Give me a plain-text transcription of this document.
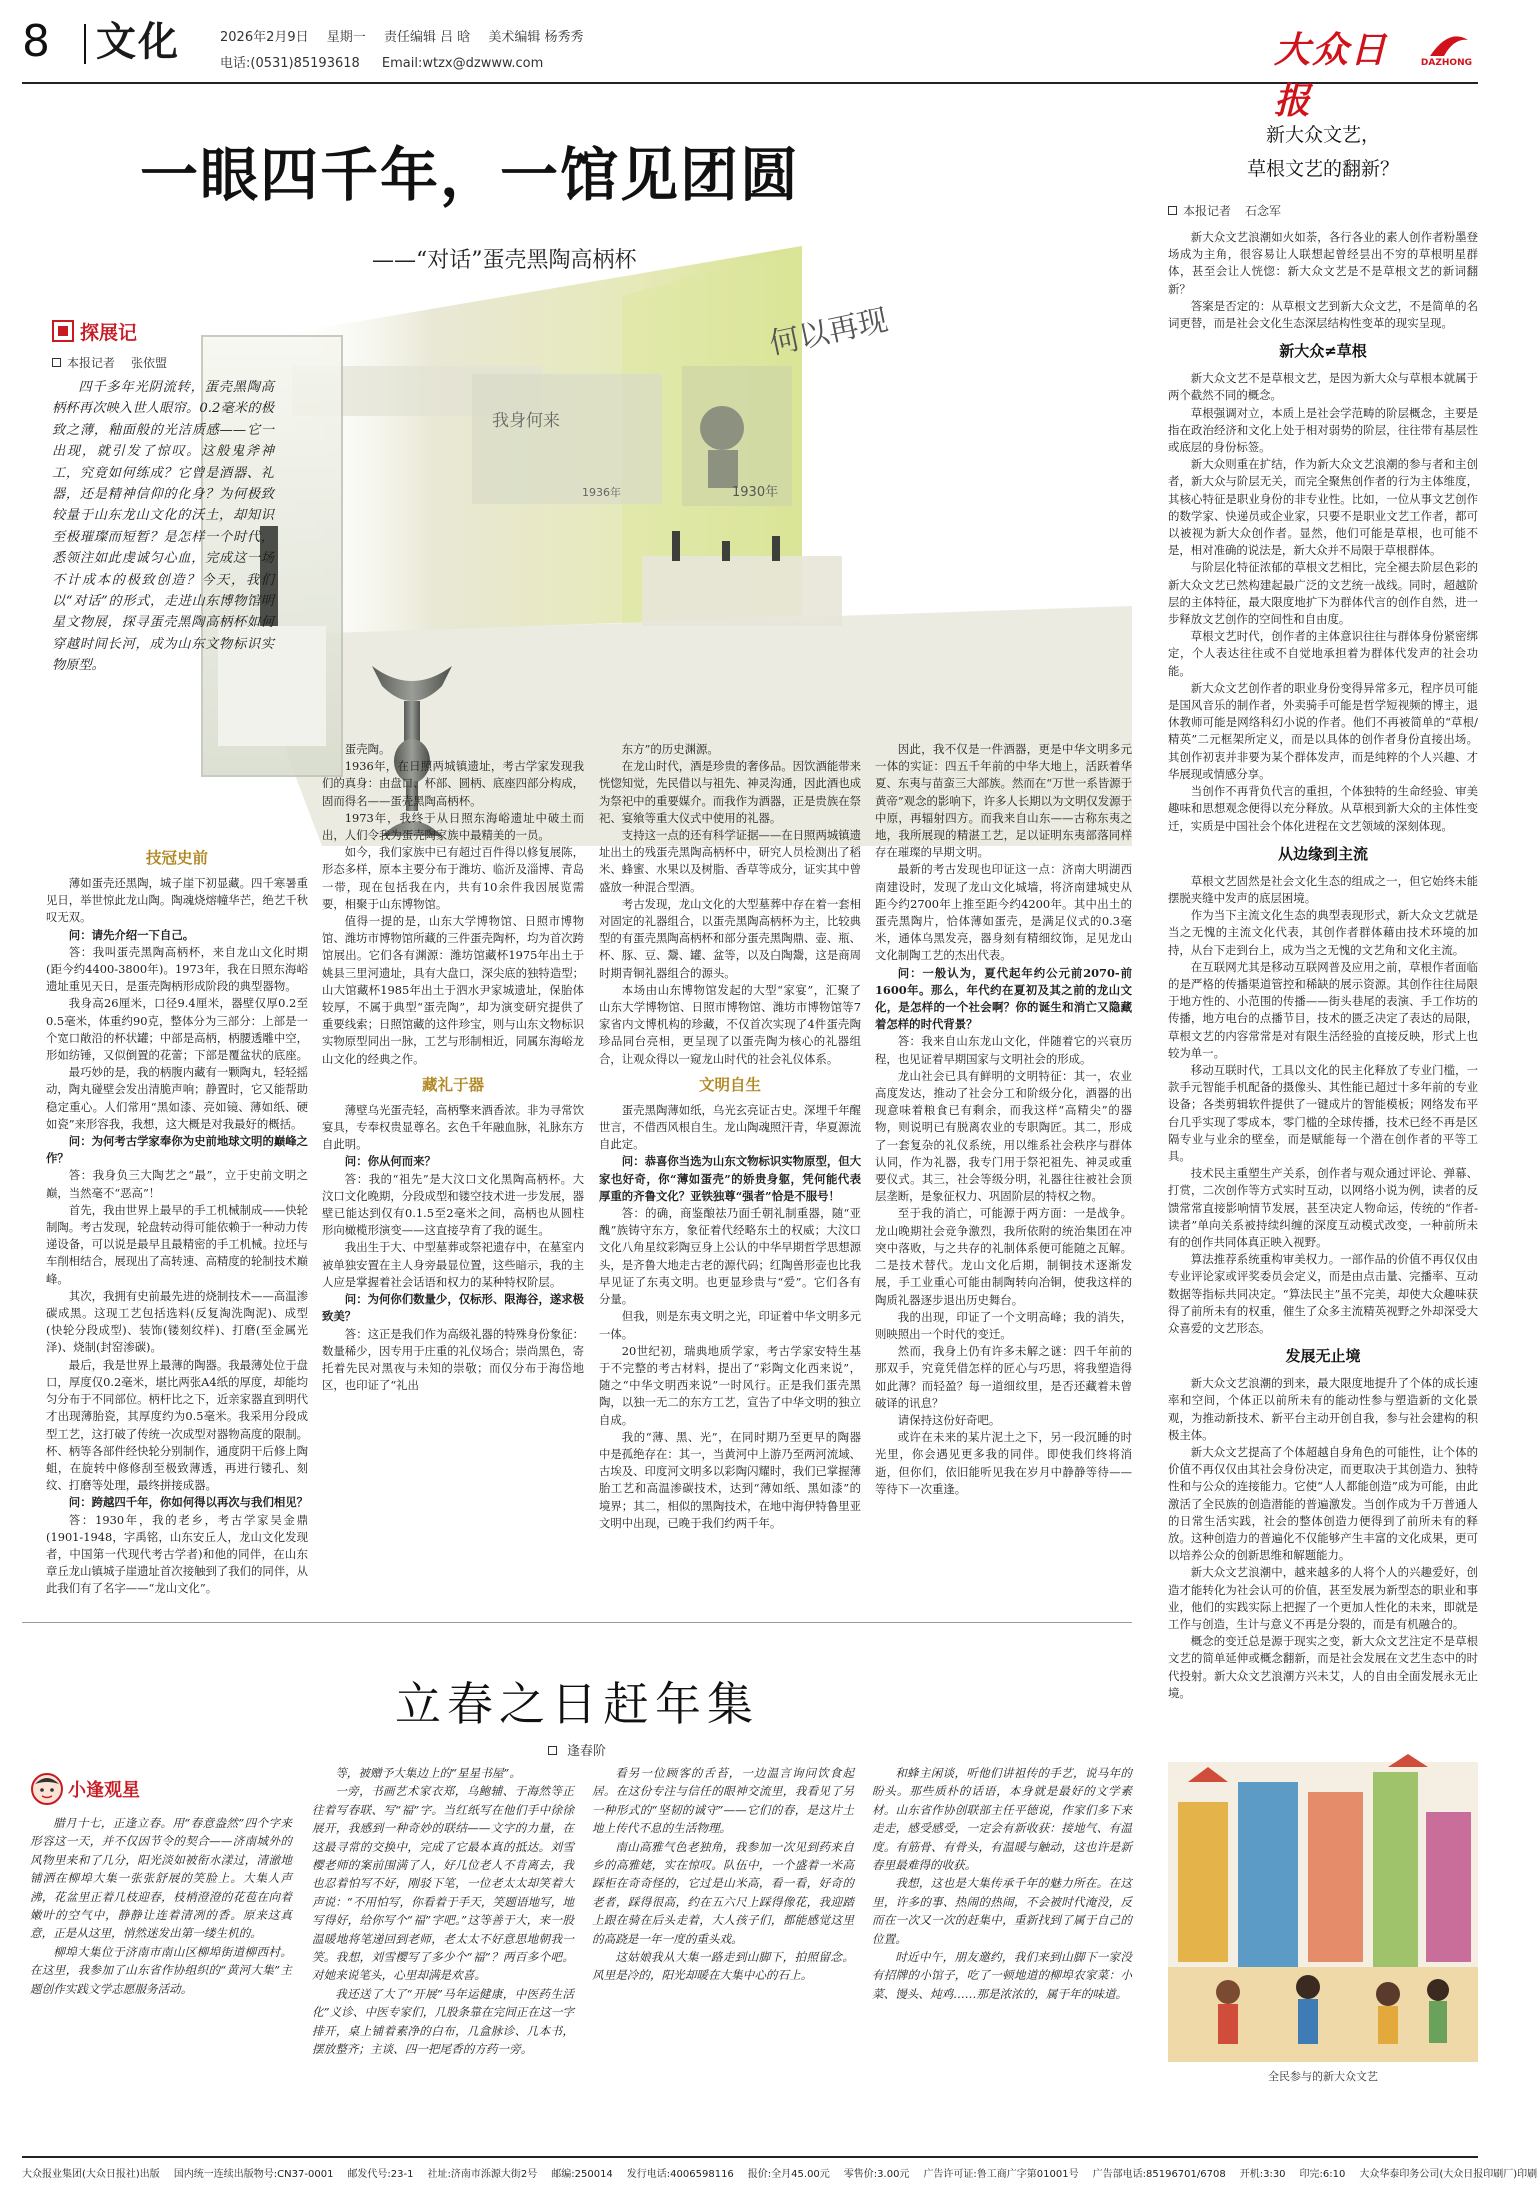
8 文化	2026年2月9日 星期一 责任编辑 吕 晗 美术编辑 杨秀秀
电话:(0531)85193618 Email:wtzx@dzwww.com	大众日报
DAZHONG
一眼四千年，一馆见团圆
——“对话”蛋壳黑陶高柄杯
1930年
1936年
何以再现
我身何来
探展记
本报记者 张依盟

四千多年光阴流转，蛋壳黑陶高柄杯再次映入世人眼帘。0.2毫米的极致之薄，釉面般的光洁质感——它一出现，就引发了惊叹。这般鬼斧神工，究竟如何练成？它曾是酒器、礼器，还是精神信仰的化身？为何极致较量于山东龙山文化的沃土，却知识至极璀璨而短暂？是怎样一个时代，悉领注如此虔诚匀心血，完成这一场不计成本的极致创造？今天，我们以“对话”的形式，走进山东博物馆明星文物展，探寻蛋壳黑陶高柄杯如何穿越时间长河，成为山东文物标识实物原型。

技冠史前

薄如蛋壳还黑陶，城子崖下初显藏。四千寒暑重见日，举世惊此龙山陶。陶魂烧熔幢华芒，绝艺千秋叹无双。

问：请先介绍一下自己。

答：我叫蛋壳黑陶高柄杯，来自龙山文化时期(距今约4400-3800年)。1973年，我在日照东海峪遗址重见天日，是蛋壳陶柄形成阶段的典型器物。

我身高26厘米，口径9.4厘米，器壁仅厚0.2至0.5毫米，体重约90克，整体分为三部分：上部是一个宽口敞沿的杯状罐；中部是高柄，柄腰透雕中空，形如纺锤，又似倒置的花蕾；下部是覆盆状的底座。

最巧妙的是，我的柄腹内藏有一颗陶丸，轻轻摇动，陶丸碰壁会发出清脆声响；静置时，它又能帮助稳定重心。人们常用“黑如漆、亮如镜、薄如纸、硬如瓷”来形容我，我想，这大概是对我最好的概括。

问：为何考古学家奉你为史前地球文明的巅峰之作？

答：我身负三大陶艺之“最”，立于史前文明之巅，当然毫不“恶高”！

首先，我由世界上最早的手工机械制成——快轮制陶。考古发现，轮盘转动得可能依赖于一种动力传递设备，可以说是最早且最精密的手工机械。拉坯与车削相结合，展现出了高转速、高精度的轮制技术巅峰。

其次，我拥有史前最先进的烧制技术——高温渗碳成黑。这现工艺包括选料(反复淘洗陶泥)、成型(快轮分段成型)、装饰(镂刻纹样)、打磨(至金属光泽)、烧制(封窑渗碳)。

最后，我是世界上最薄的陶器。我最薄处位于盘口，厚度仅0.2毫米，堪比两张A4纸的厚度，却能均匀分布于不同部位。柄杆比之下，近亲家器直到明代才出现薄胎瓷，其厚度约为0.5毫米。我采用分段成型工艺，这打破了传统一次成型对器物高度的限制。杯、柄等各部件经快轮分别制作，通度阴干后修上陶蛆，在旋转中修修刮至极致薄透，再进行镂孔、刻纹、打磨等处理，最终拼接成器。

问：跨越四千年，你如何得以再次与我们相见？

答：1930年，我的老乡，考古学家吴金鼎(1901-1948，字禹铭，山东安丘人，龙山文化发现者，中国第一代现代考古学者)和他的同伴，在山东章丘龙山镇城子崖遗址首次接触到了我们的同伴，从此我们有了名字——“龙山文化”。

蛋壳陶。

1936年，在日照两城镇遗址，考古学家发现我们的真身：由盘口、杯部、圆柄、底座四部分构成，固而得名——蛋壳黑陶高柄杯。

1973年，我终于从日照东海峪遗址中破土而出，人们令我为蛋壳陶家族中最精美的一员。

如今，我们家族中已有超过百件得以修复展陈，形态多样，原本主要分布于潍坊、临沂及淄博、青岛一带，现在包括我在内，共有10余件我因展览需要，相聚于山东博物馆。

值得一提的是，山东大学博物馆、日照市博物馆、潍坊市博物馆所藏的三件蛋壳陶杯，均为首次跨馆展出。它们各有渊源：潍坊馆藏杯1975年出土于姚县三里河遗址，具有大盘口，深尖底的独特造型；山大馆藏杯1985年出土于泗水尹家城遗址，保胎体较厚，不属于典型“蛋壳陶”，却为演变研究提供了重要线索；日照馆藏的这件珍宝，则与山东文物标识实物原型同出一脉，工艺与形制相近，同属东海峪龙山文化的经典之作。

藏礼于器

薄壁乌光蛋壳轻，高柄擎来酒香浓。非为寻常饮宴具，专奉权贵显尊名。玄色千年融血脉，礼脉东方自此明。

问：你从何而来？

答：我的“祖先”是大汶口文化黑陶高柄杯。大汶口文化晚期，分段成型和镂空技术进一步发展，器壁已能达到仅有0.1.5至2毫米之间，高柄也从圆柱形向橄榄形演变——这直接孕育了我的诞生。

我出生于大、中型墓葬或祭祀遗存中，在墓室内被单独安置在主人身旁最显位置，这些暗示，我的主人应是掌握着社会话语和权力的某种特权阶层。

问：为何你们数量少，仅标形、限海谷，遂求极致美？

答：这正是我们作为高级礼器的特殊身份象征：数量稀少，因专用于庄重的礼仪场合；崇尚黑色，寄托着先民对黑夜与未知的崇敬；而仅分布于海岱地区，也印证了“礼出

东方”的历史渊源。

在龙山时代，酒是珍贵的奢侈品。因饮酒能带来恍惚知觉，先民借以与祖先、神灵沟通，因此酒也成为祭祀中的重要媒介。而我作为酒器，正是贵族在祭祀、宴飨等重大仪式中使用的礼器。

支持这一点的还有科学证据——在日照两城镇遗址出土的残蛋壳黑陶高柄杯中，研究人员检测出了稻米、蜂蜜、水果以及树脂、香草等成分，证实其中曾盛放一种混合型酒。

考古发现，龙山文化的大型墓葬中存在着一套相对固定的礼器组合，以蛋壳黑陶高柄杯为主，比较典型的有蛋壳黑陶高柄杯和部分蛋壳黑陶鼎、壶、瓶、杯、豚、豆、鬶、罐、盆等，以及白陶鬶，这是商周时期青铜礼器组合的源头。

本场由山东博物馆发起的大型“家宴”，汇聚了山东大学博物馆、日照市博物馆、潍坊市博物馆等7家省内文博机构的珍藏，不仅首次实现了4件蛋壳陶珍品同台亮相，更呈现了以蛋壳陶为核心的礼器组合，让观众得以一窥龙山时代的社会礼仪体系。

文明自生

蛋壳黑陶薄如纸，乌光玄亮证古史。深埋千年醒世言，不借西风根自生。龙山陶魂照汗青，华夏源流自此定。

问：恭喜你当选为山东文物标识实物原型，但大家也好奇，你“薄如蛋壳”的娇贵身躯，凭何能代表厚重的齐鲁文化？亚铁独尊“强者”恰是不服号！

答：的确，商鉴酿祛乃面壬朝礼制重器，随“亚醜”族铸守东方，象征着代经略东土的权威；大汶口文化八角星纹彩陶豆身上公认的中华早期哲学思想源头，是齐鲁大地走古老的源代码；红陶兽形壶也比我早见证了东夷文明。也更显珍贵与“爱”。它们各有分量。

但我，则是东夷文明之光，印证着中华文明多元一体。

20世纪初，瑞典地质学家，考古学家安特生基于不完整的考古材料，提出了“彩陶文化西来说”，随之“中华文明西来说”一时风行。正是我们蛋壳黑陶，以独一无二的东方工艺，宣告了中华文明的独立自成。

我的“薄、黑、光”，在同时期乃至更早的陶器中是孤绝存在：其一，当黄河中上游乃至两河流域、古埃及、印度河文明多以彩陶闪耀时，我们已掌握薄胎工艺和高温渗碳技术，达到“薄如纸、黑如漆”的境界；其二，相似的黑陶技术，在地中海伊特鲁里亚文明中出现，已晚于我们约两千年。

因此，我不仅是一件酒器，更是中华文明多元一体的实证：四五千年前的中华大地上，活跃着华夏、东夷与苗蛮三大部族。然而在“万世一系皆源于黄帝”观念的影响下，许多人长期以为文明仅发源于中原，再辐射四方。而我来自山东——古称东夷之地，我所展现的精湛工艺，足以证明东夷部落同样存在璀璨的早期文明。

最新的考古发现也印证这一点：济南大明湖西南建设时，发现了龙山文化城墙，将济南建城史从距今约2700年上推至距今约4200年。其中出土的蛋壳黑陶片，恰体薄如蛋壳，是满足仪式的0.3毫米，通体乌黑发亮，器身刻有精细纹饰，足见龙山文化制陶工艺的杰出代表。

问：一般认为，夏代起年约公元前2070-前1600年。那么，年代约在夏初及其之前的龙山文化，是怎样的一个社会啊？你的诞生和消亡又隐藏着怎样的时代背景？

答：我来自山东龙山文化，伴随着它的兴衰历程，也见证着早期国家与文明社会的形成。

龙山社会已具有鲜明的文明特征：其一，农业高度发达，推动了社会分工和阶级分化，酒器的出现意味着粮食已有剩余，而我这样“高精尖”的器物，则说明已有脱离农业的专职陶匠。其二，形成了一套复杂的礼仪系统，用以维系社会秩序与群体认同，作为礼器，我专门用于祭祀祖先、神灵或重要仪式。其三，社会等级分明，礼器往往被社会顶层垄断，是象征权力、巩固阶层的特权之物。

至于我的消亡，可能源于两方面：一是战争。龙山晚期社会竞争激烈，我所依附的统治集团在冲突中落败，与之共存的礼制体系便可能随之瓦解。二是技术替代。龙山文化后期，制铜技术逐渐发展，手工业重心可能由制陶转向冶铜，使我这样的陶质礼器逐步退出历史舞台。

我的出现，印证了一个文明高峰；我的消失，则映照出一个时代的变迁。

然而，我身上仍有许多未解之谜：四千年前的那双手，究竟凭借怎样的匠心与巧思，将我塑造得如此薄？而轻盈？每一道细纹里，是否还藏着未曾破译的讯息？

请保持这份好奇吧。

或许在未来的某片泥土之下，另一段沉睡的时光里，你会遇见更多我的同伴。即使我们终将消逝，但你们，依旧能听见我在岁月中静静等待——等待下一次重逢。

新大众文艺，
草根文艺的翻新？
本报记者 石念军

新大众文艺浪潮如火如荼，各行各业的素人创作者粉墨登场成为主角，很容易让人联想起曾经昙出不穷的草根明星群体，甚至会让人恍惚：新大众文艺是不是草根文艺的新词翻新？

答案是否定的：从草根文艺到新大众文艺，不是简单的名词更替，而是社会文化生态深层结构性变革的现实呈现。

新大众≠草根

新大众文艺不是草根文艺，是因为新大众与草根本就属于两个截然不同的概念。

草根强调对立，本质上是社会学范畴的阶层概念，主要是指在政治经济和文化上处于相对弱势的阶层，往往带有基层性或底层的身份标签。

新大众则重在扩结，作为新大众文艺浪潮的参与者和主创者，新大众与阶层无关，而完全聚焦创作者的行为主体维度，其核心特征是职业身份的非专业性。比如，一位从事文艺创作的数学家、快递员或企业家，只要不是职业文艺工作者，都可以被视为新大众创作者。显然，他们可能是草根，也可能不是，相对准确的说法是，新大众并不局限于草根群体。

与阶层化特征浓郁的草根文艺相比，完全褪去阶层色彩的新大众文艺已然构建起最广泛的文艺统一战线。同时，超越阶层的主体特征，最大限度地扩下为群体代言的创作自然，进一步释放文艺创作的空间性和自由度。

草根文艺时代，创作者的主体意识往往与群体身份紧密绑定，个人表达往往或不自觉地承担着为群体代发声的社会功能。

新大众文艺创作者的职业身份变得异常多元，程序员可能是国风音乐的制作者，外卖骑手可能是哲学短视频的博主，退休教师可能是网络科幻小说的作者。他们不再被简单的“草根/精英”二元框架所定义，而是以具体的创作者身份直接出场。其创作初衷并非要为某个群体发声，而是纯粹的个人兴趣、才华展现或情感分享。

当创作不再背负代言的重担，个体独特的生命经验、审美趣味和思想观念便得以充分释放。从草根到新大众的主体性变迁，实质是中国社会个体化进程在文艺领域的深刻体现。

从边缘到主流

草根文艺固然是社会文化生态的组成之一，但它始终未能摆脱夹缝中发声的底层困境。

作为当下主流文化生态的典型表现形式，新大众文艺就是当之无愧的主流文化代表，其创作者群体藉由技术环境的加持，从台下走到台上，成为当之无愧的文艺角和文化主流。

在互联网尤其是移动互联网普及应用之前，草根作者面临的是严格的传播渠道管控和稀缺的展示资源。其创作往往局限于地方性的、小范围的传播——街头巷尾的表演、手工作坊的传播，地方电台的点播节目，技术的匮乏决定了表达的局限，草根文艺的内容常常是对有限生活经验的直接反映，形式上也较为单一。

移动互联时代，工具以文化的民主化释放了专业门槛，一款手元智能手机配备的摄像头、其性能已超过十多年前的专业设备；各类剪辑软件提供了一键成片的智能模板；网络发布平台几乎实现了零成本，零门槛的全球传播，技术已经不再是区隔专业与业余的壁垒，而是赋能每一个潜在创作者的平等工具。

技术民主重塑生产关系，创作者与观众通过评论、弹幕、打赏，二次创作等方式实时互动，以网络小说为例，读者的反馈常常直接影响情节发展，甚至决定人物命运，传统的“作者-读者”单向关系被持续纠缠的深度互动模式改变，一种前所未有的创作共同体真正映入视野。

算法推荐系统重构审美权力。一部作品的价值不再仅仅由专业评论家或评奖委员会定义，而是由点击量、完播率、互动数据等指标共同决定。“算法民主”虽不完美，却使大众趣味获得了前所未有的权重，催生了众多主流精英视野之外却深受大众喜爱的文艺形态。

发展无止境

新大众文艺浪潮的到来，最大限度地提升了个体的成长速率和空间，个体正以前所未有的能动性参与塑造新的文化景观，为推动新技术、新平台主动开创自我，参与社会建构的积极主体。

新大众文艺提高了个体超越自身角色的可能性，让个体的价值不再仅仅由其社会身份决定，而更取决于其创造力、独特性和与公众的连接能力。它使“人人都能创造”成为可能，由此激活了全民族的创造潜能的普遍激发。当创作成为千万普通人的日常生活实践，社会的整体创造力便得到了前所未有的释放。这种创造力的普遍化不仅能够产生丰富的文化成果，更可以培养公众的创新思维和解题能力。

新大众文艺浪潮中，越来越多的人将个人的兴趣爱好，创造才能转化为社会认可的价值，甚至发展为新型态的职业和事业，他们的实践实际上把握了一个更加人性化的未来，即就是工作与创造，生计与意义不再是分裂的，而是有机融合的。

概念的变迁总是源于现实之变，新大众文艺注定不是草根文艺的简单延伸或概念翻新，而是社会发展在文艺生态中的时代投射。新大众文艺浪潮方兴未艾，人的自由全面发展永无止境。

全民参与的新大众文艺
立春之日赶年集
逢春阶
小逢观星

腊月十七，正逢立春。用“春意盎然”四个字来形容这一天，并不仅因节令的契合——济南城外的风物里来和了几分，阳光淡如被衔水漾过，清澈地铺洒在柳埠大集一张张舒展的笑脸上。大集人声沸，花盆里正着几枝迎春，枝梢澄澄的花苞在向着嫩叶的空气中，静静让连着清冽的香。原来这真意，正是从这里，悄然迷发出第一缕生机的。

柳埠大集位于济南市南山区柳埠街道柳西村。在这里，我参加了山东省作协组织的“黄河大集”主题创作实践文学志愿服务活动。

等，被赠予大集边上的“星星书屋”。

一旁，书画艺术家衣郑，乌鲍辅、于海然等正往着写春联、写“福”字。当红纸写在他们手中徐徐展开，我感到一种奇妙的联结——文字的力量，在这最寻常的交换中，完成了它最本真的抵达。刘雪樱老师的案前围满了人，好几位老人不肯离去，我也忍着怕写不好，刚驳下笔，一位老太太却笑着大声说：“不用怕写，你看着于手天，笑题语地写，地写得好，给你写个“福”字吧。”这等善于大，来一股温暖地将笔递回到老师，老太太不好意思地朝我一笑。我想，刘雪樱写了多少个“福”？两百多个吧。对她来说笔头，心里却满是欢喜。

我还送了大了“开展”马年运健康，中医药生活化”义诊、中医专家们，几股条靠在完间正在这一字排开，桌上铺着素净的白布，几盒脉诊、几本书，摆放整齐；主谈、四一把尾香的方药一旁。

看另一位顾客的舌苔，一边温言询问饮食起居。在这份专注与信任的眼神交流里，我看见了另一种形式的“坚韧的诚守”——它们的春，是这片土地上传代不息的生活物理。

南山高雅气色老独角，我参加一次见到药来自乡的高雅姥，实在惊叹。队伍中，一个盛着一米高踩柜在奇奇怪的，它过是山米高，看一看，好奇的老者，踩得很高，约在五六尺上踩得像花，我迎踏上跟在骑在后头走着，大人孩子们，都能感觉这里的高跷是一年一度的重头戏。

这姑娘我从大集一路走到山脚下，拍照留念。风里是冷的，阳光却暖在大集中心的石上。

和蜂主闲谈，听他们讲祖传的手艺，说马年的盼头。那些质朴的话语，本身就是最好的文学素材。山东省作协创联部主任平德说，作家们多下来走走，感受感受，一定会有新收获：接地气、有温度。有筋骨、有骨头，有温暖与触动，这也许是新春里最难得的收获。

我想，这也是大集传承千年的魅力所在。在这里，许多的事、热闹的热闹，不会被时代淹没，反而在一次又一次的赶集中，重新找到了属于自己的位置。

时近中午，朋友邀约，我们来到山脚下一家没有招牌的小馆子，吃了一顿地道的柳埠农家菜：小菜、馒头、炖鸡……那是浓浓的，属于年的味道。

大众报业集团(大众日报社)出版 国内统一连续出版物号:CN37-0001 邮发代号:23-1 社址:济南市泺源大街2号 邮编:250014 发行电话:4006598116 报价:全月45.00元 零售价:3.00元 广告许可证:鲁工商广字第01001号 广告部电话:85196701/6708 开机:3:30 印完:6:10 大众华泰印务公司(大众日报印刷厂)印刷
